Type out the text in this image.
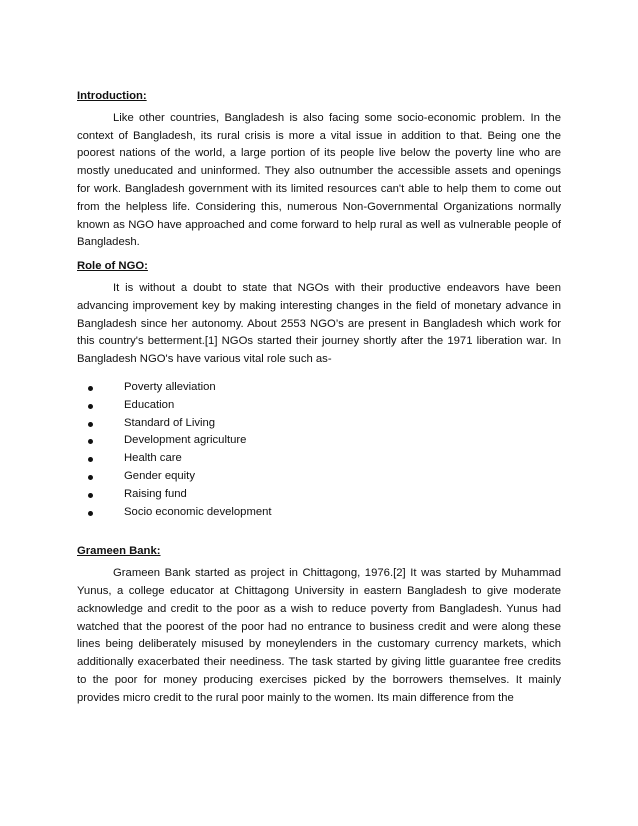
Introduction:

Like other countries, Bangladesh is also facing some socio-economic problem. In the context of Bangladesh, its rural crisis is more a vital issue in addition to that. Being one the poorest nations of the world, a large portion of its people live below the poverty line who are mostly uneducated and uninformed. They also outnumber the accessible assets and openings for work. Bangladesh government with its limited resources can't able to help them to come out from the helpless life. Considering this, numerous Non-Governmental Organizations normally known as NGO have approached and come forward to help rural as well as vulnerable people of Bangladesh.

Role of NGO:

It is without a doubt to state that NGOs with their productive endeavors have been advancing improvement key by making interesting changes in the field of monetary advance in Bangladesh since her autonomy. About 2553 NGO’s are present in Bangladesh which work for this country's betterment.[1] NGOs started their journey shortly after the 1971 liberation war. In Bangladesh NGO's have various vital role such as-

Poverty alleviation
Education
Standard of Living
Development agriculture
Health care
Gender equity
Raising fund
Socio economic development

Grameen Bank:

Grameen Bank started as project in Chittagong, 1976.[2] It was started by Muhammad Yunus, a college educator at Chittagong University in eastern Bangladesh to give moderate acknowledge and credit to the poor as a wish to reduce poverty from Bangladesh. Yunus had watched that the poorest of the poor had no entrance to business credit and were along these lines being deliberately misused by moneylenders in the customary currency markets, which additionally exacerbated their neediness. The task started by giving little guarantee free credits to the poor for money producing exercises picked by the borrowers themselves. It mainly provides micro credit to the rural poor mainly to the women. Its main difference from the
